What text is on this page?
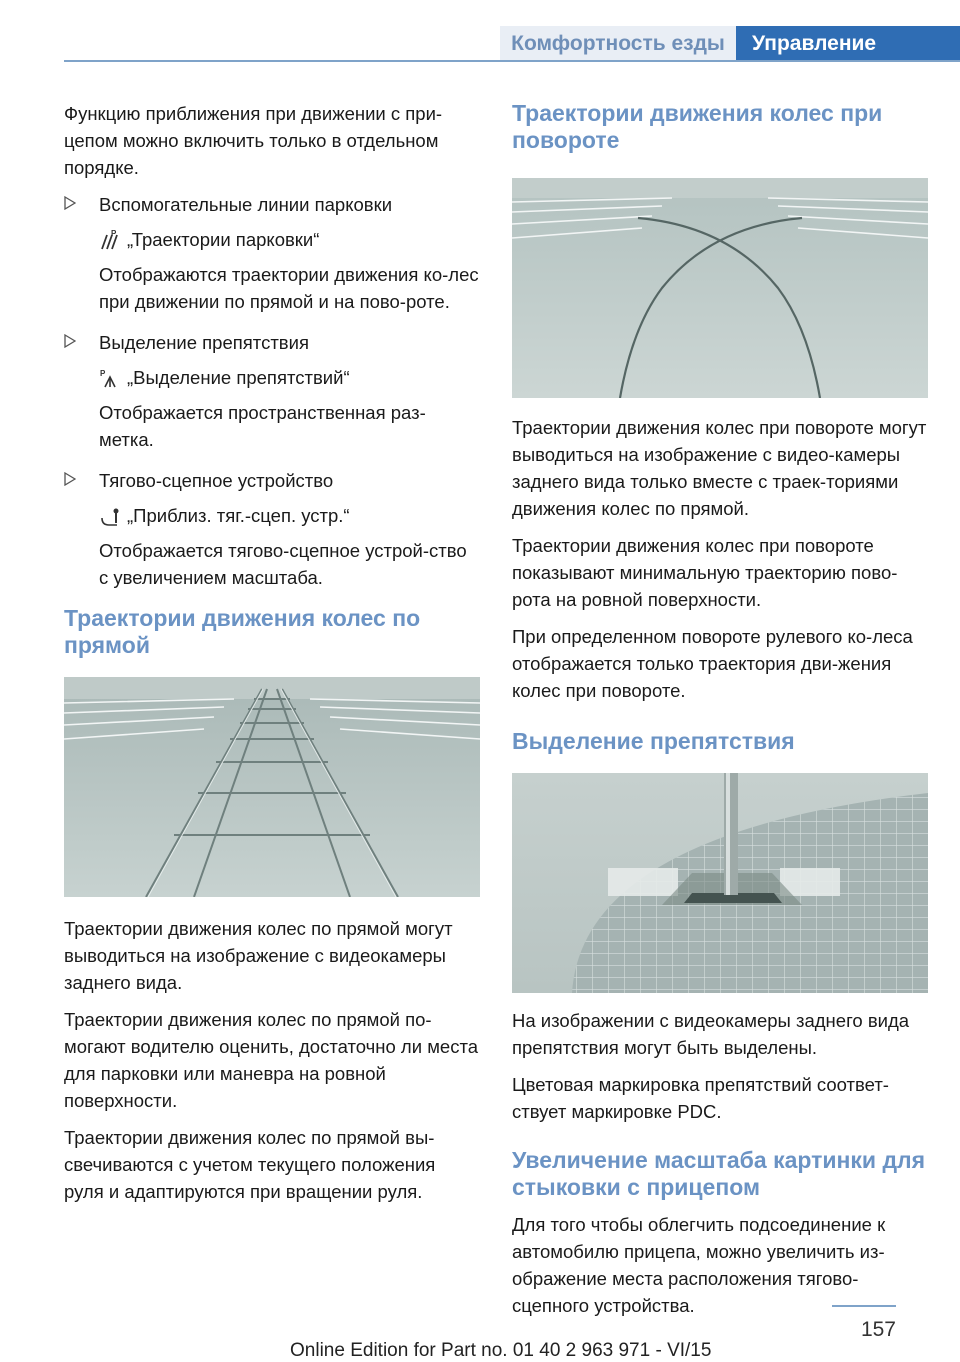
Комфортность езды	Управление

Функцию приближения при движении с при-цепом можно включить только в отдельном порядке.

Вспомогательные линии парковки

P „Траектории парковки“

Отображаются траектории движения ко-лес при движении по прямой и на пово-роте.

Выделение препятствия

P „Выделение препятствий“

Отображается пространственная раз-метка.

Тягово-сцепное устройство

„Приблиз. тяг.-сцеп. устр.“

Отображается тягово-сцепное устрой-ство с увеличением масштаба.

Траектории движения колес по прямой

Траектории движения колес по прямой могут выводиться на изображение с видеокамеры заднего вида.

Траектории движения колес по прямой по-могают водителю оценить, достаточно ли места для парковки или маневра на ровной поверхности.

Траектории движения колес по прямой вы-свечиваются с учетом текущего положения руля и адаптируются при вращении руля.

Траектории движения колес при повороте

Траектории движения колес при повороте могут выводиться на изображение с видео-камеры заднего вида только вместе с траек-ториями движения колес по прямой.

Траектории движения колес при повороте показывают минимальную траекторию пово-рота на ровной поверхности.

При определенном повороте рулевого ко-леса отображается только траектория дви-жения колес при повороте.

Выделение препятствия

На изображении с видеокамеры заднего вида препятствия могут быть выделены.

Цветовая маркировка препятствий соответ-ствует маркировке PDC.

Увеличение масштаба картинки для стыковки с прицепом

Для того чтобы облегчить подсоединение к автомобилю прицепа, можно увеличить из-ображение места расположения тягово-сцепного устройства.

157
Online Edition for Part no. 01 40 2 963 971 - VI/15
